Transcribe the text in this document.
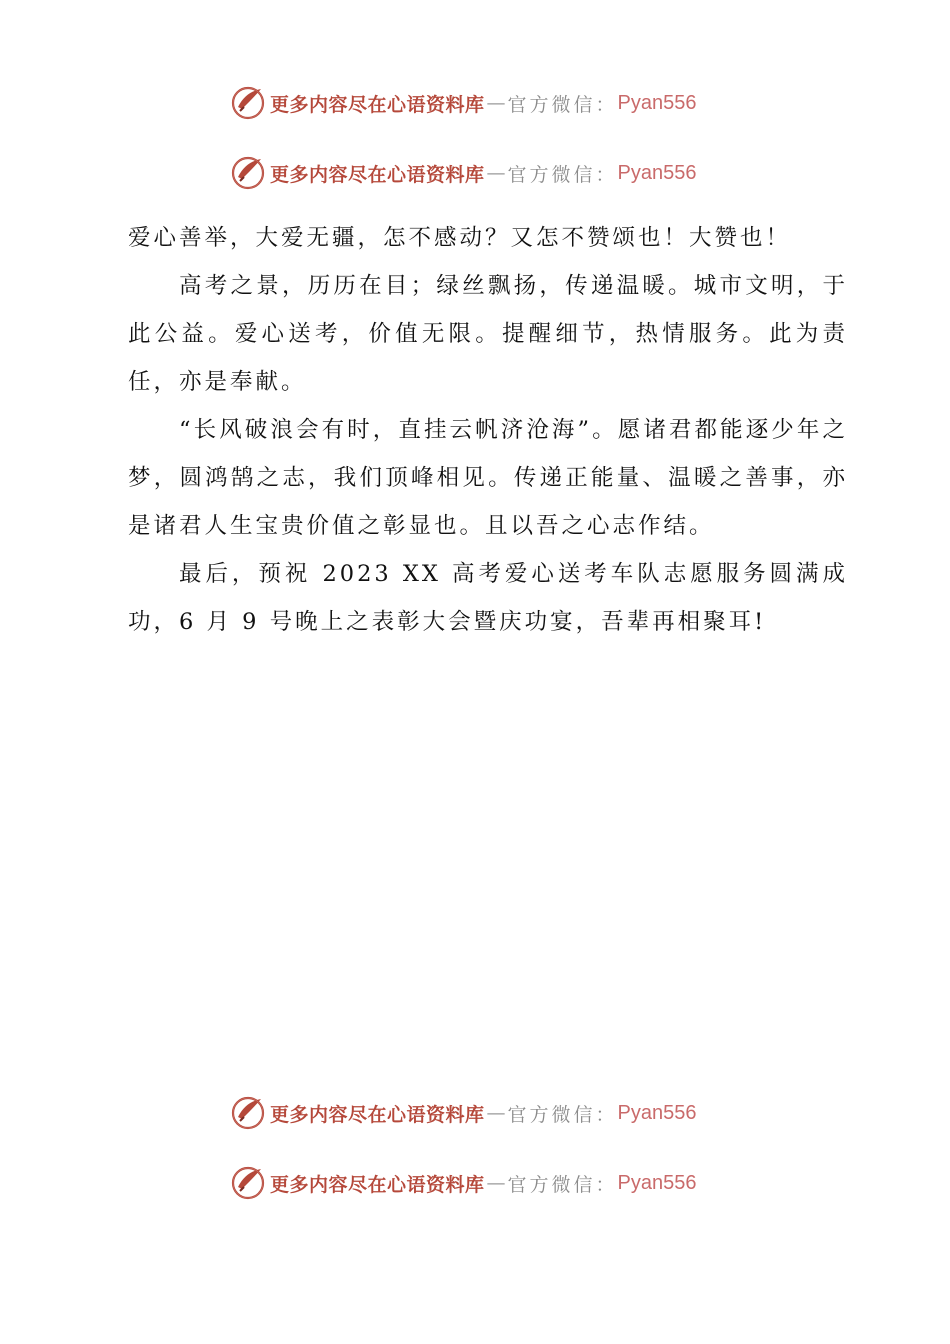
更多内容尽在心语资料库 — 官方微信： Pyan556
更多内容尽在心语资料库 — 官方微信： Pyan556

爱心善举，大爱无疆，怎不感动？又怎不赞颂也！大赞也！

高考之景，历历在目；绿丝飘扬，传递温暖。城市文明，于此公益。爱心送考，价值无限。提醒细节，热情服务。此为责任，亦是奉献。

“长风破浪会有时，直挂云帆济沧海”。愿诸君都能逐少年之梦，圆鸿鹄之志，我们顶峰相见。传递正能量、温暖之善事，亦是诸君人生宝贵价值之彰显也。且以吾之心志作结。

最后，预祝 2023 XX 高考爱心送考车队志愿服务圆满成功，6 月 9 号晚上之表彰大会暨庆功宴，吾辈再相聚耳!

更多内容尽在心语资料库 — 官方微信： Pyan556
更多内容尽在心语资料库 — 官方微信： Pyan556
